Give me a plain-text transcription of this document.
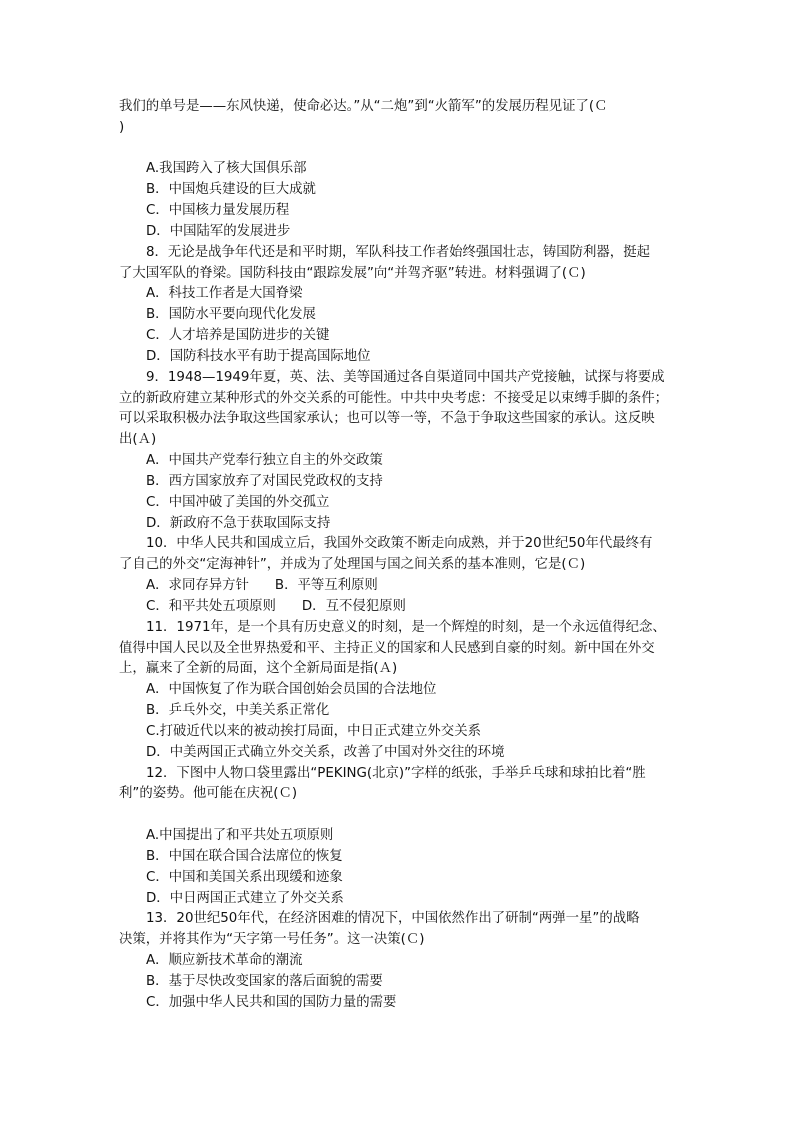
我们的单号是——东风快递，使命必达。”从“二炮”到“火箭军”的发展历程见证了(Ｃ
)
A.我国跨入了核大国俱乐部
B．中国炮兵建设的巨大成就
C．中国核力量发展历程
D．中国陆军的发展进步
8．无论是战争年代还是和平时期，军队科技工作者始终强国壮志，铸国防利器，挺起
了大国军队的脊梁。国防科技由“跟踪发展”向“并驾齐驱”转进。材料强调了(Ｃ)
A．科技工作者是大国脊梁
B．国防水平要向现代化发展
C．人才培养是国防进步的关键
D．国防科技水平有助于提高国际地位
9．1948—1949年夏，英、法、美等国通过各自渠道同中国共产党接触，试探与将要成
立的新政府建立某种形式的外交关系的可能性。中共中央考虑：不接受足以束缚手脚的条件；
可以采取积极办法争取这些国家承认；也可以等一等，不急于争取这些国家的承认。这反映
出(Ａ)
A．中国共产党奉行独立自主的外交政策
B．西方国家放弃了对国民党政权的支持
C．中国冲破了美国的外交孤立
D．新政府不急于获取国际支持
10．中华人民共和国成立后，我国外交政策不断走向成熟，并于20世纪50年代最终有
了自己的外交“定海神针”，并成为了处理国与国之间关系的基本准则，它是(Ｃ)
A．求同存异方针 B．平等互利原则
C．和平共处五项原则 D．互不侵犯原则
11．1971年，是一个具有历史意义的时刻，是一个辉煌的时刻，是一个永远值得纪念、
值得中国人民以及全世界热爱和平、主持正义的国家和人民感到自豪的时刻。新中国在外交
上，赢来了全新的局面，这个全新局面是指(Ａ)
A．中国恢复了作为联合国创始会员国的合法地位
B．乒乓外交，中美关系正常化
C.打破近代以来的被动挨打局面，中日正式建立外交关系
D．中美两国正式确立外交关系，改善了中国对外交往的环境
12．下图中人物口袋里露出“PEKING(北京)”字样的纸张，手举乒乓球和球拍比着“胜
利”的姿势。他可能在庆祝(Ｃ)
A.中国提出了和平共处五项原则
B．中国在联合国合法席位的恢复
C．中国和美国关系出现缓和迹象
D．中日两国正式建立了外交关系
13．20世纪50年代，在经济困难的情况下，中国依然作出了研制“两弹一星”的战略
决策，并将其作为“天字第一号任务”。这一决策(Ｃ)
A．顺应新技术革命的潮流
B．基于尽快改变国家的落后面貌的需要
C．加强中华人民共和国的国防力量的需要
